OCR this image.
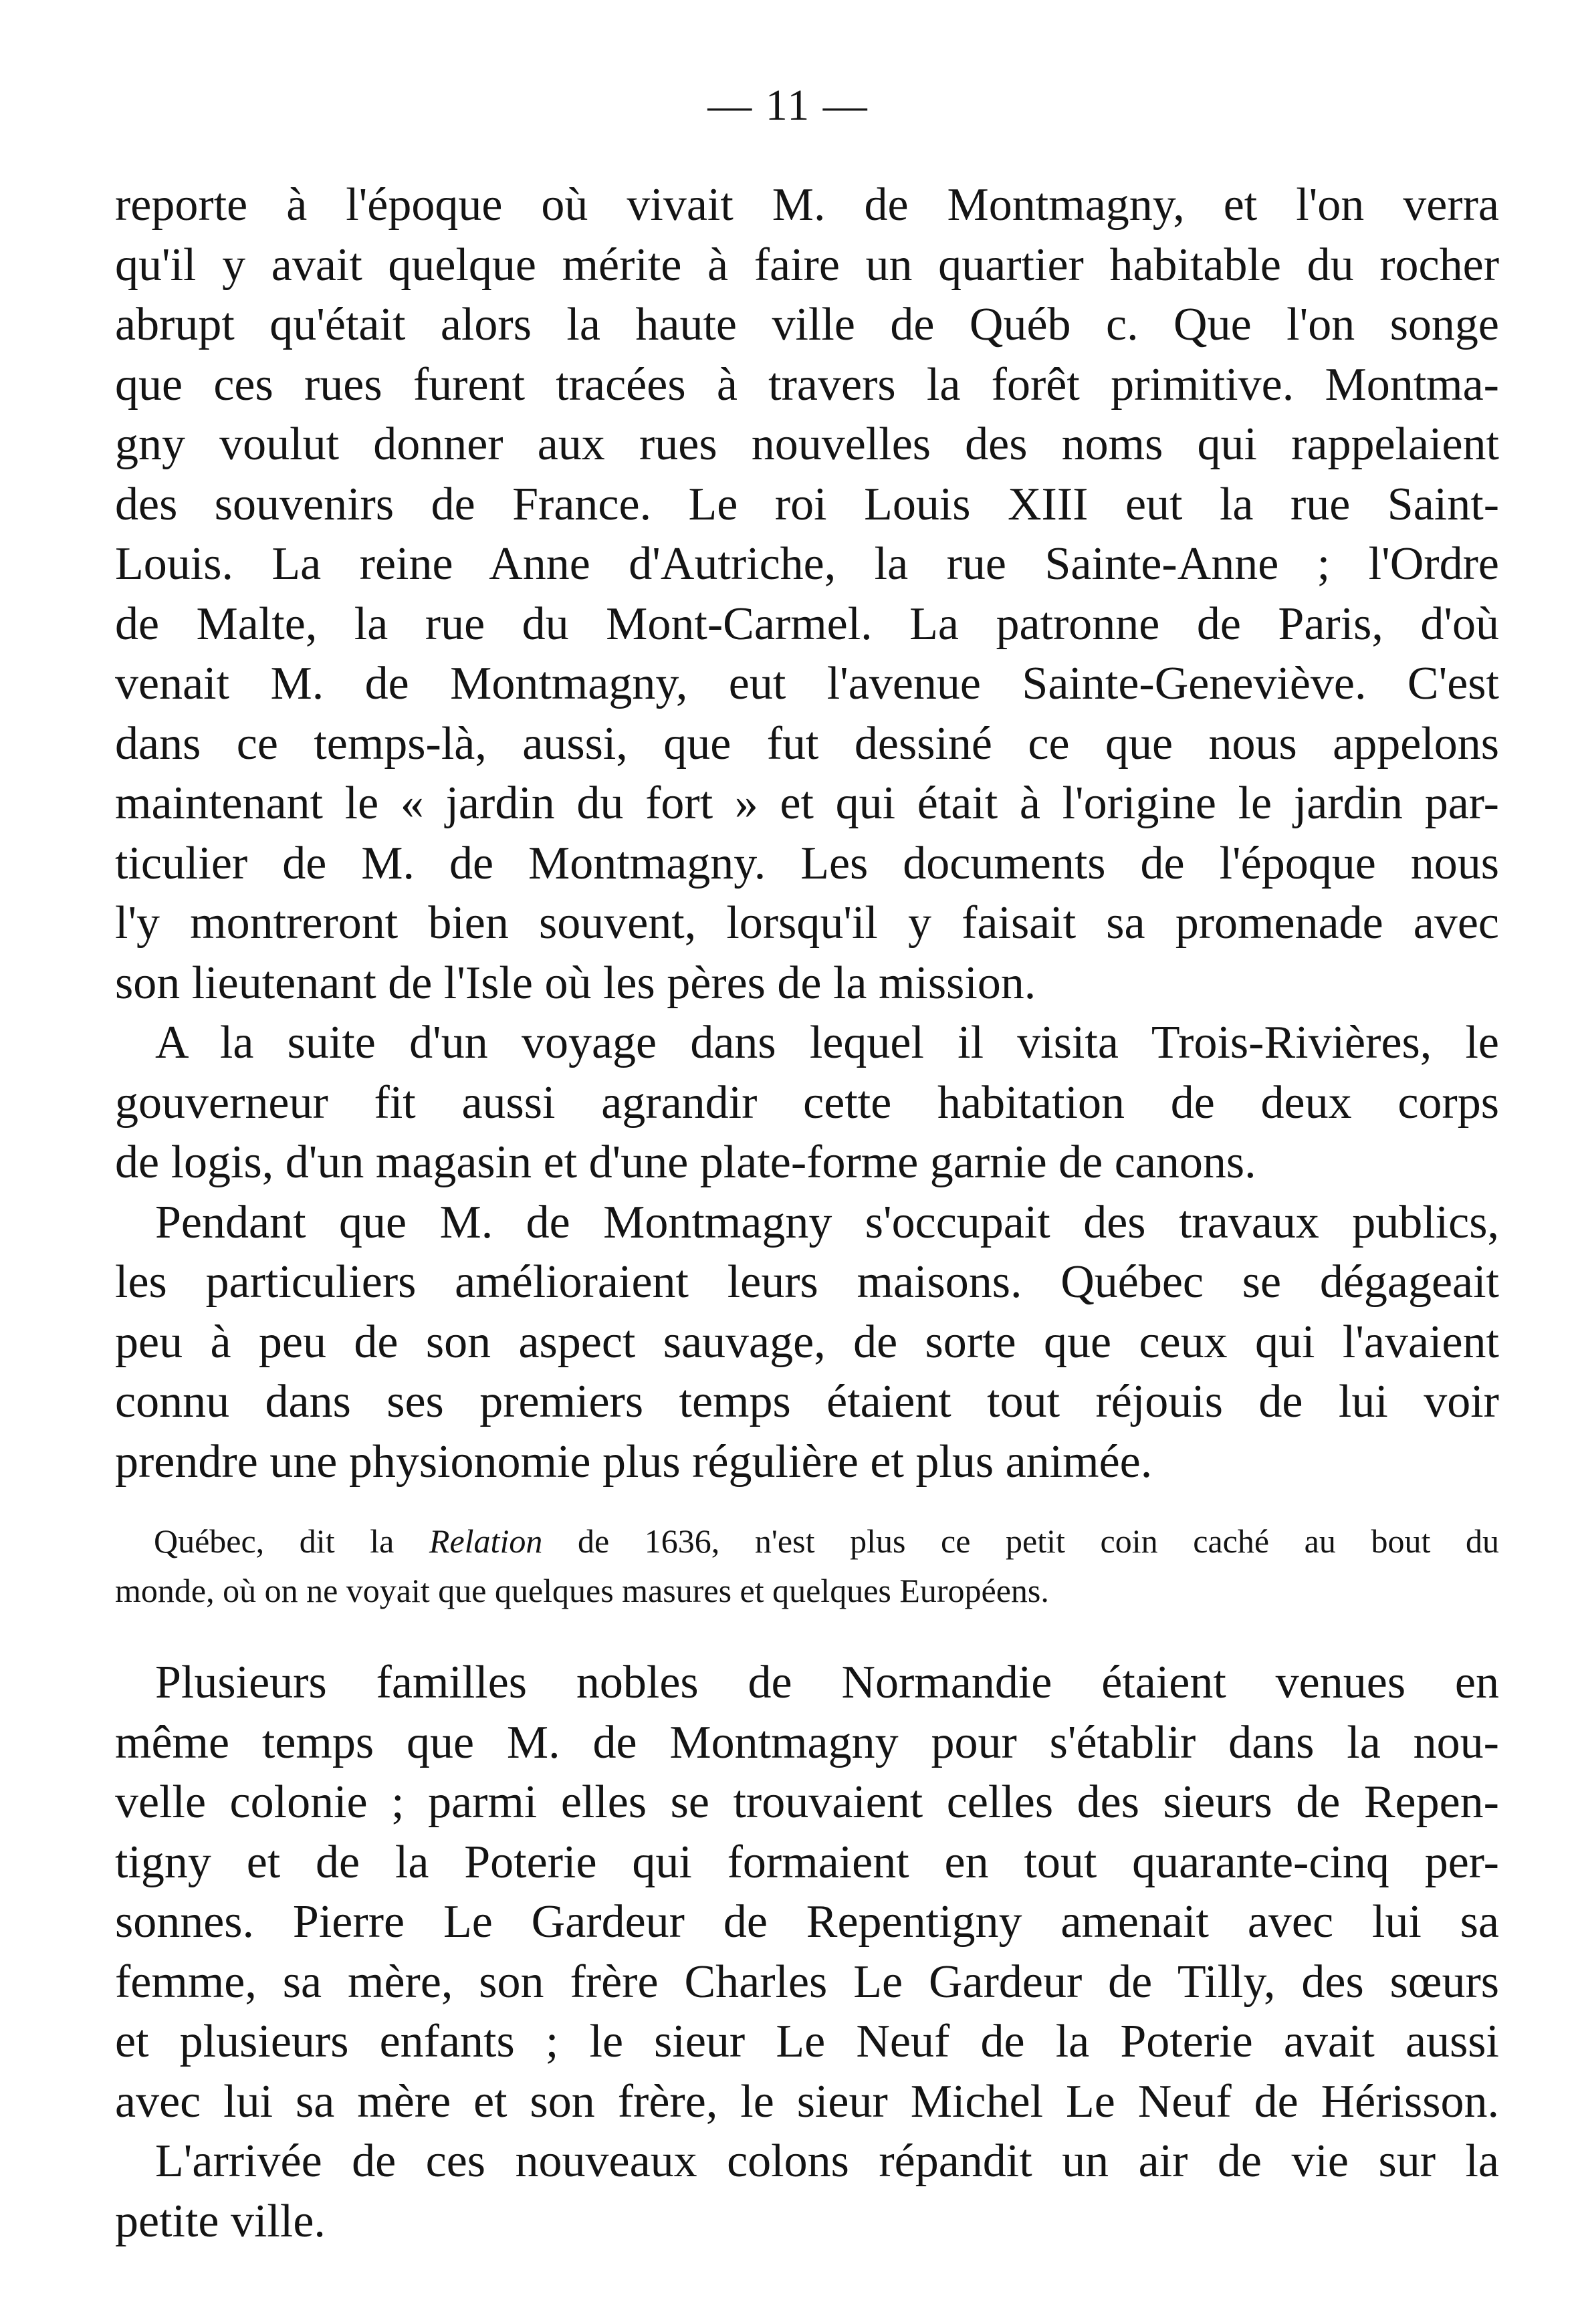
— 11 —
reporte à l'époque où vivait M. de Montmagny, et l'on verra
qu'il y avait quelque mérite à faire un quartier habitable du rocher
abrupt qu'était alors la haute ville de Québ c. Que l'on songe
que ces rues furent tracées à travers la forêt primitive. Montma-
gny voulut donner aux rues nouvelles des noms qui rappelaient
des souvenirs de France. Le roi Louis XIII eut la rue Saint-
Louis. La reine Anne d'Autriche, la rue Sainte-Anne ; l'Ordre
de Malte, la rue du Mont-Carmel. La patronne de Paris, d'où
venait M. de Montmagny, eut l'avenue Sainte-Geneviève. C'est
dans ce temps-là, aussi, que fut dessiné ce que nous appelons
maintenant le « jardin du fort » et qui était à l'origine le jardin par-
ticulier de M. de Montmagny. Les documents de l'époque nous
l'y montreront bien souvent, lorsqu'il y faisait sa promenade avec
son lieutenant de l'Isle où les pères de la mission.
A la suite d'un voyage dans lequel il visita Trois-Rivières, le
gouverneur fit aussi agrandir cette habitation de deux corps
de logis, d'un magasin et d'une plate-forme garnie de canons.
Pendant que M. de Montmagny s'occupait des travaux publics,
les particuliers amélioraient leurs maisons. Québec se dégageait
peu à peu de son aspect sauvage, de sorte que ceux qui l'avaient
connu dans ses premiers temps étaient tout réjouis de lui voir
prendre une physionomie plus régulière et plus animée.
Québec, dit la Relation de 1636, n'est plus ce petit coin caché au bout du
monde, où on ne voyait que quelques masures et quelques Européens.
Plusieurs familles nobles de Normandie étaient venues en
même temps que M. de Montmagny pour s'établir dans la nou-
velle colonie ; parmi elles se trouvaient celles des sieurs de Repen-
tigny et de la Poterie qui formaient en tout quarante-cinq per-
sonnes. Pierre Le Gardeur de Repentigny amenait avec lui sa
femme, sa mère, son frère Charles Le Gardeur de Tilly, des sœurs
et plusieurs enfants ; le sieur Le Neuf de la Poterie avait aussi
avec lui sa mère et son frère, le sieur Michel Le Neuf de Hérisson.
L'arrivée de ces nouveaux colons répandit un air de vie sur la
petite ville.
